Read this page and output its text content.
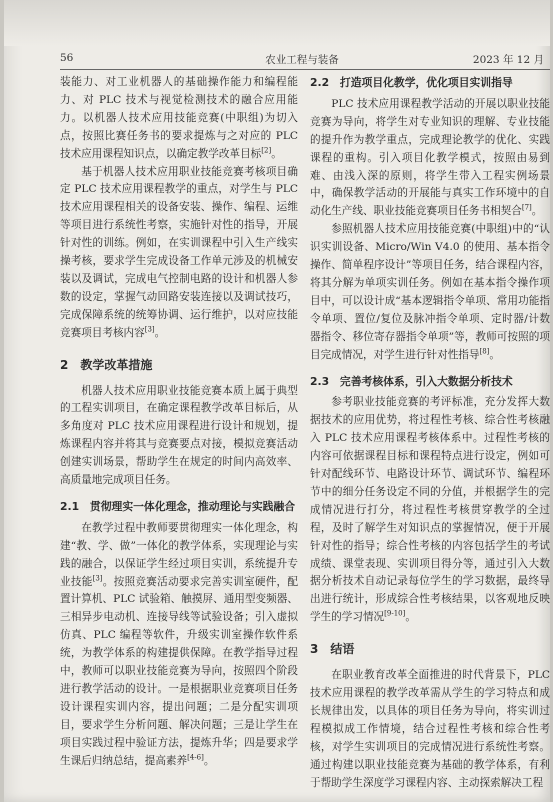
56	农业工程与装备	2023 年 12 月

装能力、对工业机器人的基础操作能力和编程能力、对 PLC 技术与视觉检测技术的融合应用能力。以机器人技术应用技能竞赛(中职组)为切入点，按照比赛任务书的要求提炼与之对应的 PLC 技术应用课程知识点，以确定教学改革目标[2]。

基于机器人技术应用职业技能竞赛考核项目确定 PLC 技术应用课程教学的重点，对学生与 PLC 技术应用课程相关的设备安装、操作、编程、运维等项目进行系统性考察，实施针对性的指导，开展针对性的训练。例如，在实训课程中引入生产线实操考核，要求学生完成设备工作单元涉及的机械安装以及调试，完成电气控制电路的设计和机器人参数的设定，掌握气动回路安装连接以及调试技巧，完成保障系统的统筹协调、运行维护，以对应技能竞赛项目考核内容[3]。

2　教学改革措施

机器人技术应用职业技能竞赛本质上属于典型的工程实训项目，在确定课程教学改革目标后，从多角度对 PLC 技术应用课程进行设计和规划，提炼课程内容并将其与竞赛要点对接，模拟竞赛活动创建实训场景，帮助学生在规定的时间内高效率、高质量地完成项目任务。

2.1　贯彻理实一体化理念，推动理论与实践融合

在教学过程中教师要贯彻理实一体化理念，构建“教、学、做”一体化的教学体系，实现理论与实践的融合，以保证学生经过项目实训，系统提升专业技能[3]。按照竞赛活动要求完善实训室硬件，配置计算机、PLC 试验箱、触摸屏、通用型变频器、三相异步电动机、连接导线等试验设备；引入虚拟仿真、PLC 编程等软件，升级实训室操作软件系统，为教学体系的构建提供保障。在教学指导过程中，教师可以职业技能竞赛为导向，按照四个阶段进行教学活动的设计。一是根据职业竞赛项目任务设计课程实训内容，提出问题；二是分配实训项目，要求学生分析问题、解决问题；三是让学生在项目实践过程中验证方法，提炼升华；四是要求学生课后归纳总结，提高素养[4-6]。

2.2　打造项目化教学，优化项目实训指导

PLC 技术应用课程教学活动的开展以职业技能竞赛为导向，将学生对专业知识的理解、专业技能的提升作为教学重点，完成理论教学的优化、实践课程的重构。引入项目化教学模式，按照由易到难、由浅入深的原则，将学生带入工程实例场景中，确保教学活动的开展能与真实工作环境中的自动化生产线、职业技能竞赛项目任务书相契合[7]。

参照机器人技术应用技能竞赛(中职组)中的“认识实训设备、Micro/Win V4.0 的使用、基本指令操作、简单程序设计”等项目任务，结合课程内容，将其分解为单项实训任务。例如在基本指令操作项目中，可以设计成“基本逻辑指令单项、常用功能指令单项、置位/复位及脉冲指令单项、定时器/计数器指令、移位寄存器指令单项”等，教师可按照的项目完成情况，对学生进行针对性指导[8]。

2.3　完善考核体系，引入大数据分析技术

参考职业技能竞赛的考评标准，充分发挥大数据技术的应用优势，将过程性考核、综合性考核融入 PLC 技术应用课程考核体系中。过程性考核的内容可依据课程目标和课程特点进行设定，例如可针对配线环节、电路设计环节、调试环节、编程环节中的细分任务设定不同的分值，并根据学生的完成情况进行打分，将过程性考核贯穿教学的全过程，及时了解学生对知识点的掌握情况，便于开展针对性的指导；综合性考核的内容包括学生的考试成绩、课堂表现、实训项目得分等，通过引入大数据分析技术自动记录每位学生的学习数据，最终导出进行统计，形成综合性考核结果，以客观地反映学生的学习情况[9-10]。

3　结语

在职业教育改革全面推进的时代背景下，PLC 技术应用课程的教学改革需从学生的学习特点和成长规律出发，以具体的项目任务为导向，将实训过程模拟成工作情境，结合过程性考核和综合性考核，对学生实训项目的完成情况进行系统性考察。通过构建以职业技能竞赛为基础的教学体系，有利于帮助学生深度学习课程内容、主动探索解决工程
